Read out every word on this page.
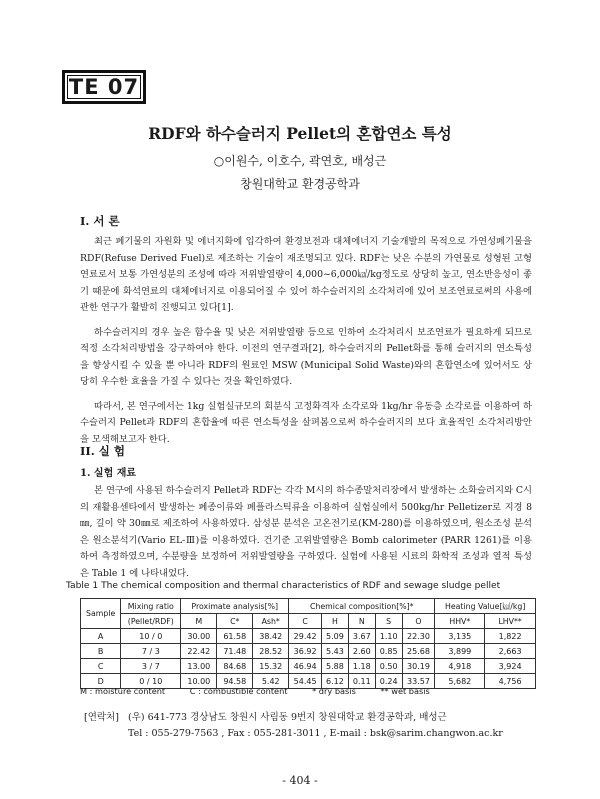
TE 07
RDF와 하수슬러지 Pellet의 혼합연소 특성
○이원수, 이호수, 곽연호, 배성근
창원대학교 환경공학과
I. 서 론

최근 폐기물의 자원화 및 에너지화에 입각하여 환경보전과 대체에너지 기술개발의 목적으로 가연성폐기물을 RDF(Refuse Derived Fuel)로 제조하는 기술이 재조명되고 있다. RDF는 낮은 수분의 가연물로 성형된 고형연료로서 보통 가연성분의 조성에 따라 저위발열량이 4,000~6,000㎉/kg정도로 상당히 높고, 연소반응성이 좋기 때문에 화석연료의 대체에너지로 이용되어질 수 있어 하수슬러지의 소각처리에 있어 보조연료로써의 사용에 관한 연구가 활발히 진행되고 있다[1].

하수슬러지의 경우 높은 함수율 및 낮은 저위발열량 등으로 인하여 소각처리시 보조연료가 필요하게 되므로 적정 소각처리방법을 강구하여야 한다. 이전의 연구결과[2], 하수슬러지의 Pellet화를 통해 슬러지의 연소특성을 향상시킬 수 있을 뿐 아니라 RDF의 원료인 MSW (Municipal Solid Waste)와의 혼합연소에 있어서도 상당히 우수한 효율을 가질 수 있다는 것을 확인하였다.

따라서, 본 연구에서는 1kg 실험실규모의 회분식 고정화격자 소각로와 1kg/hr 유동층 소각로를 이용하여 하수슬러지 Pellet과 RDF의 혼합율에 따른 연소특성을 살펴봄으로써 하수슬러지의 보다 효율적인 소각처리방안을 모색해보고자 한다.

II. 실 험
1. 실험 재료

본 연구에 사용된 하수슬러지 Pellet과 RDF는 각각 M시의 하수종말처리장에서 발생하는 소화슬러지와 C시의 재활용센타에서 발생하는 폐종이류와 폐플라스틱류을 이용하여 실험실에서 500kg/hr Pelletizer로 지경 8㎜, 길이 약 30㎜로 제조하여 사용하였다. 삼성분 분석은 고온전기로(KM-280)를 이용하였으며, 원소조성 분석은 원소분석기(Vario EL-Ⅲ)를 이용하였다. 건기준 고위발열량은 Bomb calorimeter (PARR 1261)를 이용하여 측정하였으며, 수분량을 보정하여 저위발열량을 구하였다. 실험에 사용된 시료의 화학적 조성과 열적 특성은 Table 1 에 나타내었다.

Table 1 The chemical composition and thermal characteristics of RDF and sewage sludge pellet
Sample	Mixing ratio	Proximate analysis[%]			Chemical composition[%]*					Heating Value[㎉/kg]	
	(Pellet/RDF)	M	C*	Ash*	C	H	N	S	O	HHV*	LHV**
A	10 / 0	30.00	61.58	38.42	29.42	5.09	3.67	1.10	22.30	3,135	1,822
B	7 / 3	22.42	71.48	28.52	36.92	5.43	2.60	0.85	25.68	3,899	2,663
C	3 / 7	13.00	84.68	15.32	46.94	5.88	1.18	0.50	30.19	4,918	3,924
D	0 / 10	10.00	94.58	5.42	54.45	6.12	0.11	0.24	33.57	5,682	4,756
M : moisture content	C : combustible content	* dry basis	** wet basis
[연락처] (우) 641-773 경상남도 창원시 사림동 9번지 창원대학교 환경공학과, 배성근
Tel : 055-279-7563 , Fax : 055-281-3011 , E-mail : bsk@sarim.changwon.ac.kr
- 404 -
